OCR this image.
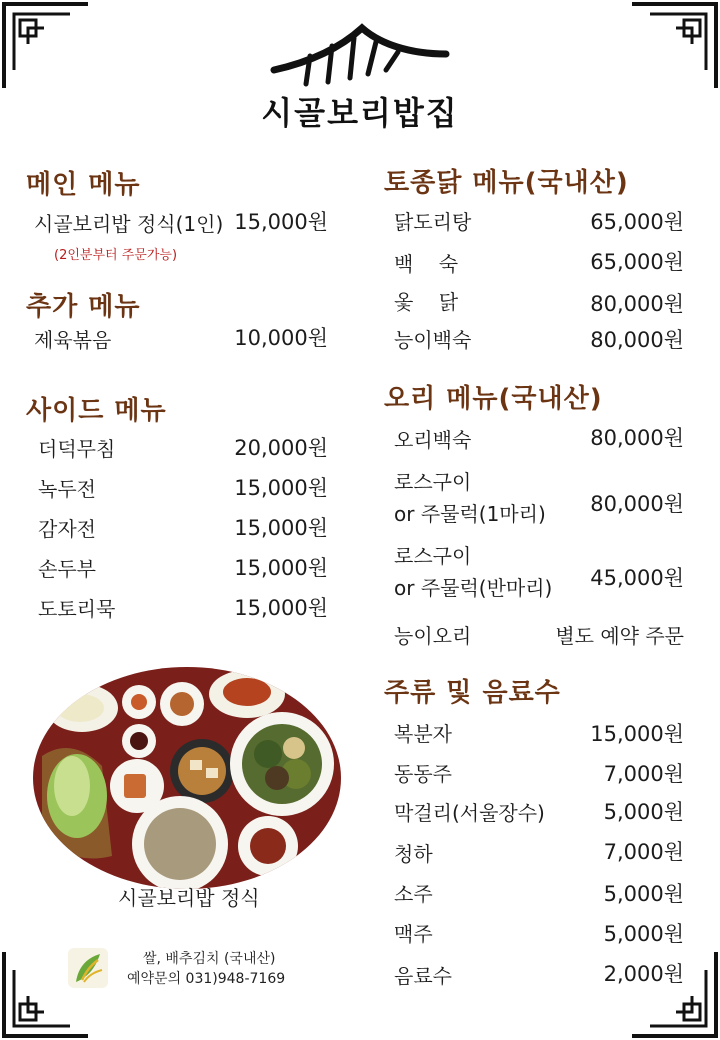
시골보리밥집
메인 메뉴
시골보리밥 정식(1인) 15,000원
(2인분부터 주문가능)
추가 메뉴
제육볶음	10,000원
사이드 메뉴
더덕무침	20,000원
녹두전	15,000원
감자전	15,000원
손두부	15,000원
도토리묵	15,000원
시골보리밥 정식
쌀, 배추김치 (국내산)
예약문의 031)948-7169
토종닭 메뉴(국내산)
닭도리탕	65,000원
백    숙	65,000원
옻    닭	80,000원
능이백숙	80,000원
오리 메뉴(국내산)
오리백숙	80,000원
로스구이
or 주물럭(1마리) 80,000원
로스구이
or 주물럭(반마리) 45,000원
능이오리	별도 예약 주문
주류 및 음료수
복분자	15,000원
동동주	7,000원
막걸리(서울장수)	5,000원
청하	7,000원
소주	5,000원
맥주	5,000원
음료수	2,000원
